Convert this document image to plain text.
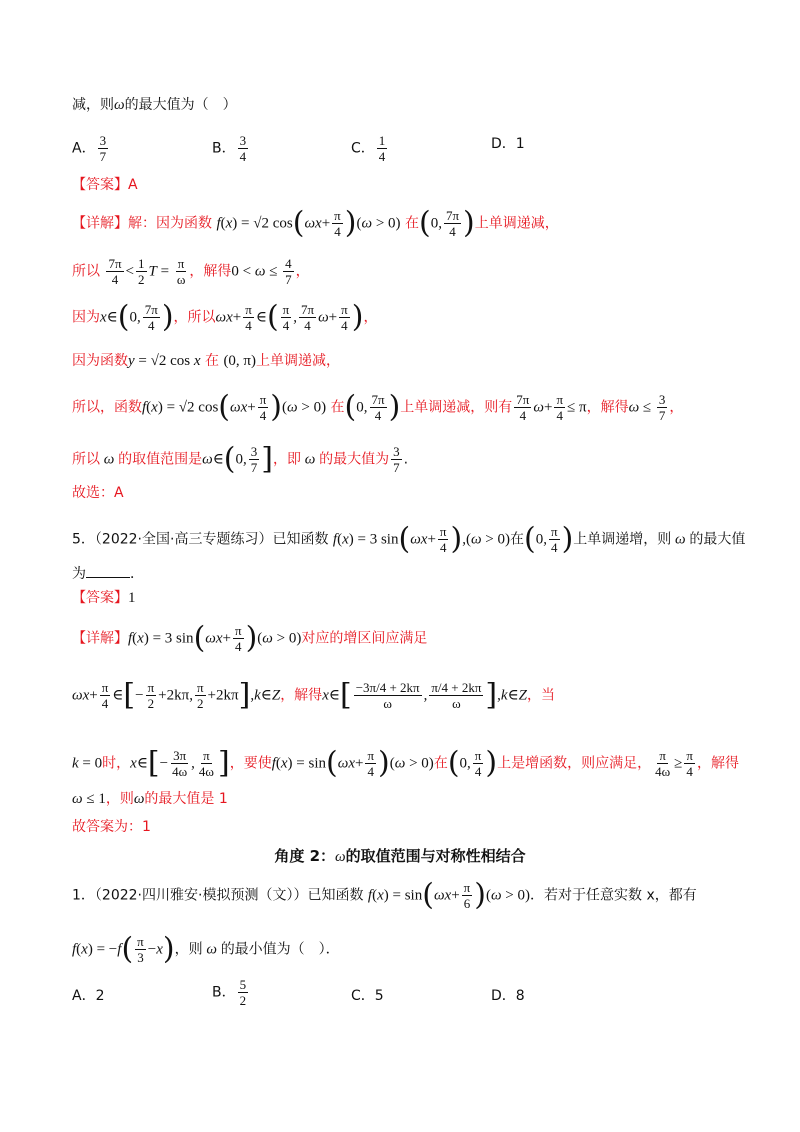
减，则ω的最大值为（　）
A． $\frac{3}{7}$	B． $\frac{3}{4}$	C． $\frac{1}{4}$	D．1
【答案】A
【详解】解：因为函数 f(x) = √2 $\cos(\omega x+ \frac{\pi}{4} )(\omega > 0)$ 在(0, $\frac{7\pi}{4}$ )上单调递减，
所以 $\frac{7\pi}{4} < \frac{1}{2}$ $T = \frac{\pi}{\omega}$ ，解得$0 < \omega \le \frac{4}{7}$ ，
因为x∈(0, $\frac{7\pi}{4}$ )，所以$\omega x+ \frac{\pi}{4}$ ∈( $\frac{\pi}{4}$ , $\frac{7\pi}{4} \omega+ \frac{\pi}{4}$ )，
因为函数y = √2 cos x 在 (0, π)上单调递减，
所以，函数f(x) = √2 $\cos(\omega x+ \frac{\pi}{4} )(\omega > 0)$ 在(0, $\frac{7\pi}{4}$ )上单调递减，则有 $\frac{7\pi}{4} \omega+ \frac{\pi}{4} \le \pi$，解得$\omega \le \frac{3}{7}$ ，
所以 ω 的取值范围是ω∈(0, $\frac{3}{7}$ ]，即 ω 的最大值为 $\frac{3}{7}$ .
故选：A
5．（2022·全国·高三专题练习）已知函数 f(x) = 3 $\sin(\omega x+ \frac{\pi}{4} ),(\omega > 0)$在(0, $\frac{\pi}{4}$ )上单调递增，则 ω 的最大值
为	．
【答案】1
【详解】f(x) = 3 $\sin(\omega x+ \frac{\pi}{4} )(\omega > 0)$对应的增区间应满足
$\omega x+ \frac{\pi}{4}$ ∈[− $\frac{\pi}{2} +2k\pi$, $\frac{\pi}{2}$ +2kπ],k∈Z，解得x∈[ $\frac{-3\pi/4 + 2k\pi}{\omega}$ , $\frac{\pi/4 + 2k\pi}{\omega}$ ],k∈Z，当
k = 0时，x∈[− $\frac{3\pi}{4\omega}$ , $\frac{\pi}{4\omega}$ ]，要使$f(x) = \sin(\omega x+ \frac{\pi}{4} )(\omega > 0)$在(0, $\frac{\pi}{4}$ )上是增函数，则应满足， $\frac{\pi}{4\omega} \ge \frac{\pi}{4}$ ，解得
ω ≤ 1，则ω的最大值是 1
故答案为：1
角度 2：ω的取值范围与对称性相结合
1．（2022·四川雅安·模拟预测（文））已知函数 $f(x) = \sin(\omega x+ \frac{\pi}{6} )(\omega > 0)$．若对于任意实数 x，都有
$f(x) = -f( \frac{\pi}{3} -x)$，则 ω 的最小值为（　）．
A．2	B． $\frac{5}{2}$	C．5	D．8
